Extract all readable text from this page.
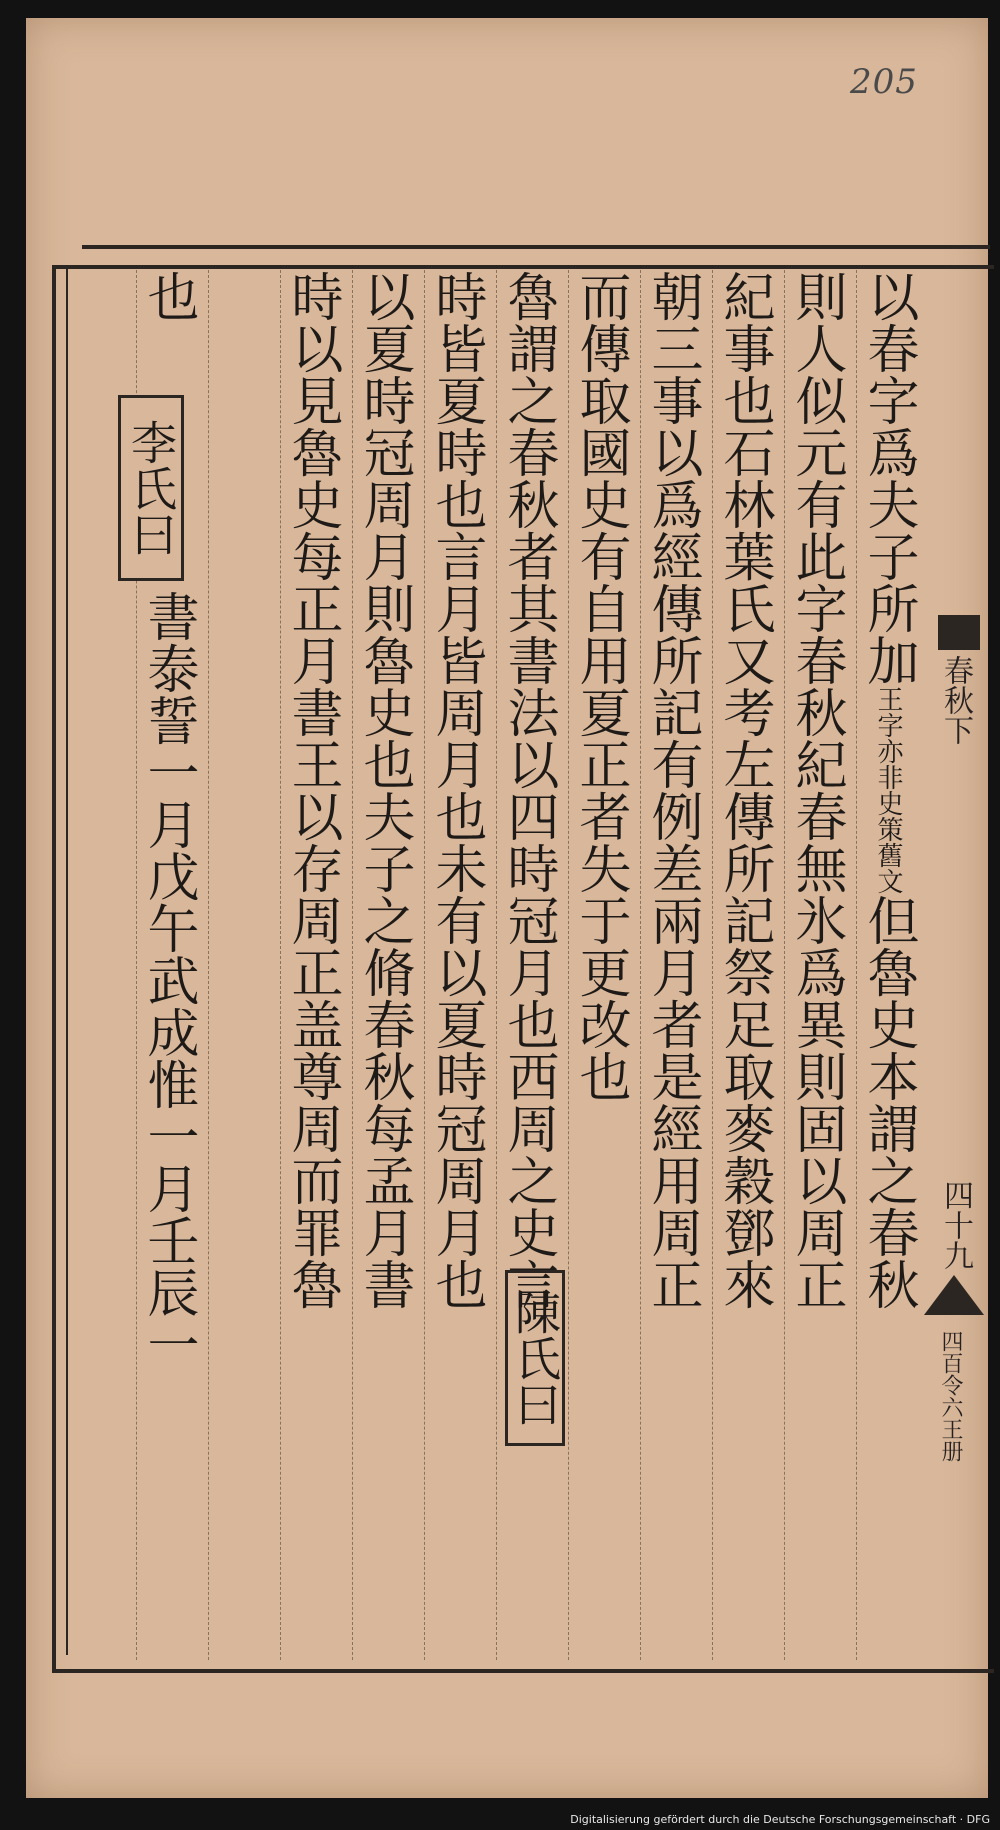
205
春秋下
四十九
四百令六王册
以春字爲夫子所加王字亦非史策舊文但魯史本謂之春秋
則人似元有此字春秋紀春無氷爲異則固以周正
紀事也石林葉氏又考左傳所記祭足取麥穀鄧來
朝三事以爲經傳所記有例差兩月者是經用周正
而傳取國史有自用夏正者失于更改也
陳氏曰
魯謂之春秋者其書法以四時冠月也西周之史言
時皆夏時也言月皆周月也未有以夏時冠周月也
以夏時冠周月則魯史也夫子之脩春秋每孟月書
時以見魯史每正月書王以存周正盖尊周而罪魯
也
李氏曰
書泰誓一月戊午武成惟一月壬辰一
Digitalisierung gefördert durch die Deutsche Forschungsgemeinschaft · DFG
